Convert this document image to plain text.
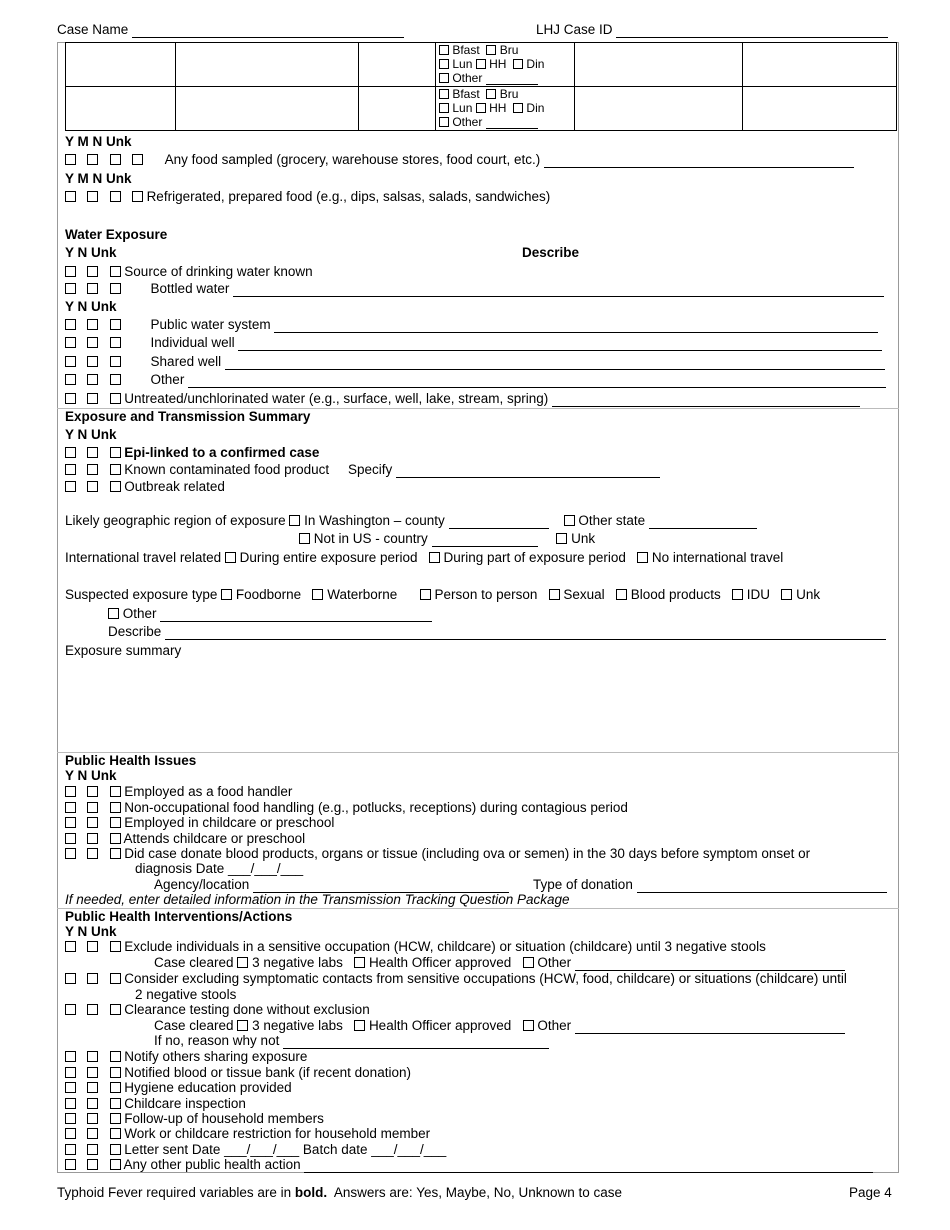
Case Name	LHJ Case ID
			Bfast Bru
Lun HH Din
Other		
			Bfast Bru
Lun HH Din
Other		
Y M N Unk
Any food sampled (grocery, warehouse stores, food court, etc.)
Y M N Unk
Refrigerated, prepared food (e.g., dips, salsas, salads, sandwiches)
Water Exposure
Y N Unk	Describe
Source of drinking water known
Bottled water
Y N Unk
Public water system
Individual well
Shared well
Other
Untreated/unchlorinated water (e.g., surface, well, lake, stream, spring)
Exposure and Transmission Summary
Y N Unk
Epi-linked to a confirmed case
Known contaminated food product Specify
Outbreak related
Likely geographic region of exposure In Washington – county	Other state
Not in US - country	Unk
International travel related During entire exposure period During part of exposure period No international travel
Suspected exposure type Foodborne Waterborne	Person to person Sexual Blood products IDU Unk
Other
Describe
Exposure summary
Public Health Issues
Y N Unk
Employed as a food handler
Non-occupational food handling (e.g., potlucks, receptions) during contagious period
Employed in childcare or preschool
Attends childcare or preschool
Did case donate blood products, organs or tissue (including ova or semen) in the 30 days before symptom onset or
diagnosis Date ___/___/___
Agency/location	Type of donation
If needed, enter detailed information in the Transmission Tracking Question Package
Public Health Interventions/Actions
Y N Unk
Exclude individuals in a sensitive occupation (HCW, childcare) or situation (childcare) until 3 negative stools
Case cleared 3 negative labs Health Officer approved Other
Consider excluding symptomatic contacts from sensitive occupations (HCW, food, childcare) or situations (childcare) until
2 negative stools
Clearance testing done without exclusion
Case cleared 3 negative labs Health Officer approved Other
If no, reason why not
Notify others sharing exposure
Notified blood or tissue bank (if recent donation)
Hygiene education provided
Childcare inspection
Follow-up of household members
Work or childcare restriction for household member
Letter sent Date ___/___/___ Batch date ___/___/___
Any other public health action
Typhoid Fever required variables are in bold. Answers are: Yes, Maybe, No, Unknown to case	Page 4
